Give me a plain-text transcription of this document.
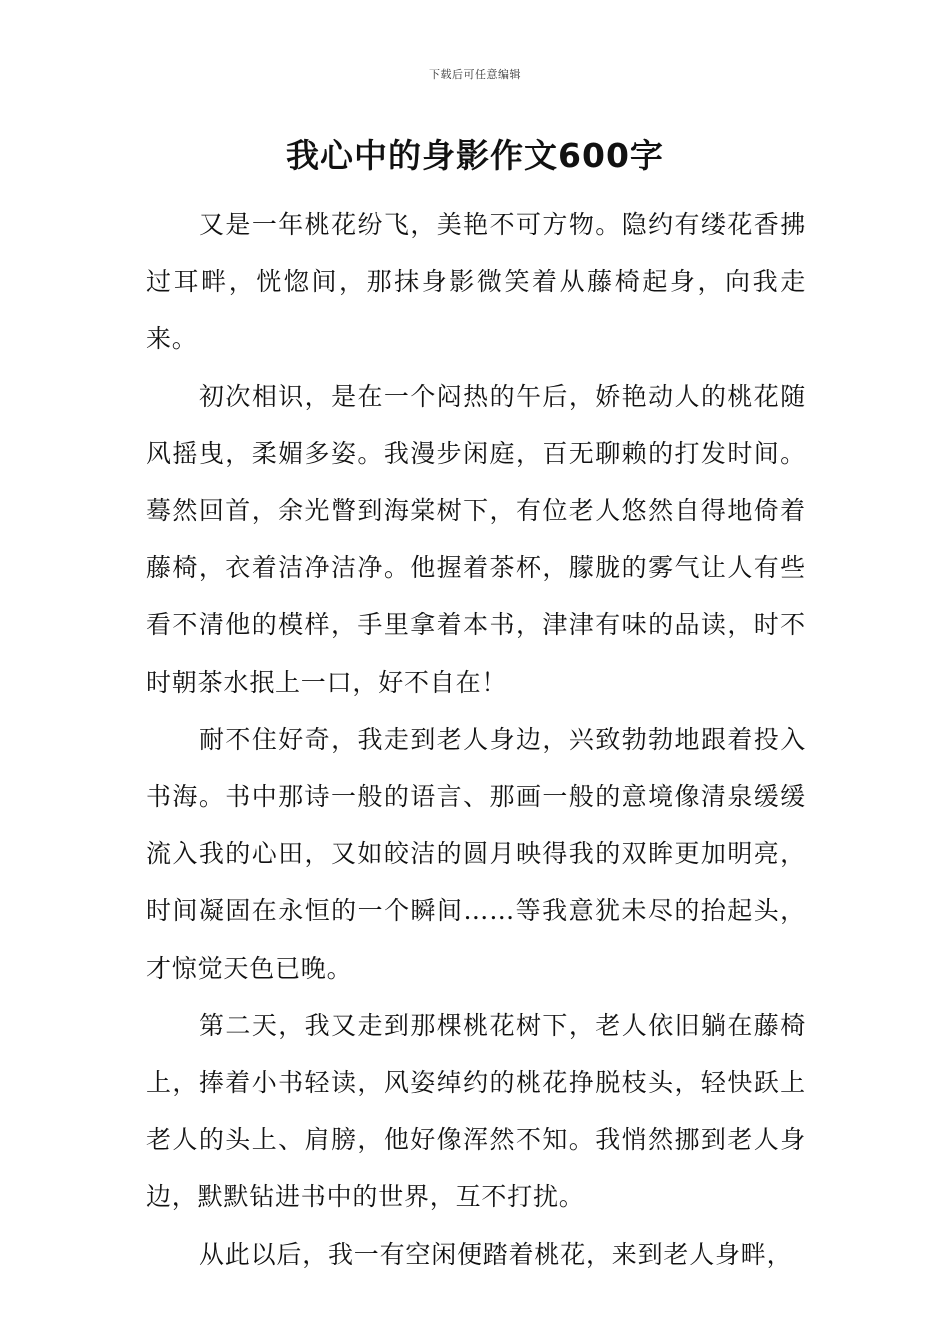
下载后可任意编辑
我心中的身影作文600字

又是一年桃花纷飞，美艳不可方物。隐约有缕花香拂过耳畔，恍惚间，那抹身影微笑着从藤椅起身，向我走来。

初次相识，是在一个闷热的午后，娇艳动人的桃花随风摇曳，柔媚多姿。我漫步闲庭，百无聊赖的打发时间。蓦然回首，余光瞥到海棠树下，有位老人悠然自得地倚着藤椅，衣着洁净洁净。他握着茶杯，朦胧的雾气让人有些看不清他的模样，手里拿着本书，津津有味的品读，时不时朝茶水抿上一口，好不自在！

耐不住好奇，我走到老人身边，兴致勃勃地跟着投入书海。书中那诗一般的语言、那画一般的意境像清泉缓缓流入我的心田，又如皎洁的圆月映得我的双眸更加明亮，时间凝固在永恒的一个瞬间……等我意犹未尽的抬起头，才惊觉天色已晚。

第二天，我又走到那棵桃花树下，老人依旧躺在藤椅上，捧着小书轻读，风姿绰约的桃花挣脱枝头，轻快跃上老人的头上、肩膀，他好像浑然不知。我悄然挪到老人身边，默默钻进书中的世界，互不打扰。

从此以后，我一有空闲便踏着桃花，来到老人身畔，
